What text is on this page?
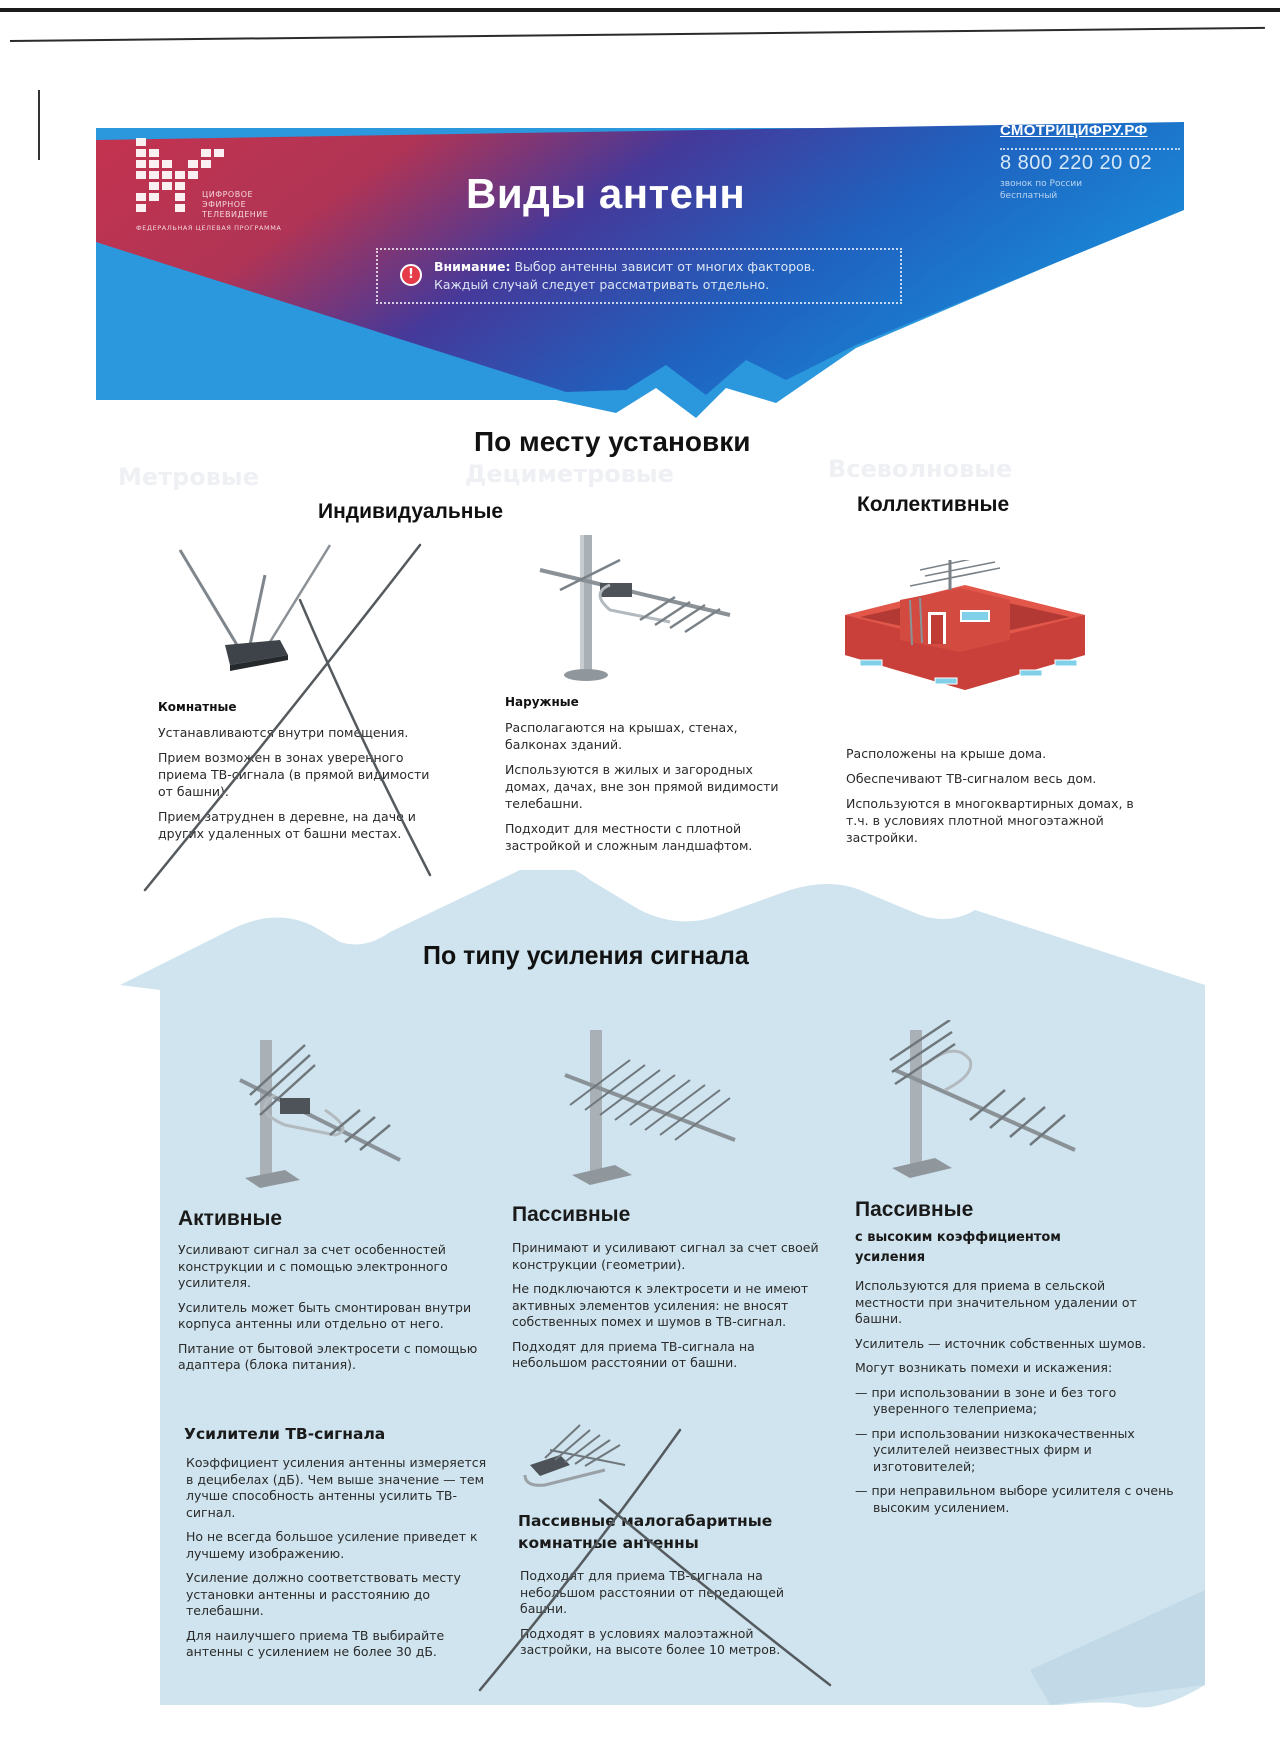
ЦИФРОВОЕ
ЭФИРНОЕ
ТЕЛЕВИДЕНИЕ
ФЕДЕРАЛЬНАЯ ЦЕЛЕВАЯ ПРОГРАММА
Виды антенн
СМОТРИЦИФРУ.РФ
8 800 220 20 02
звонок по России
бесплатный
!
Внимание: Выбор антенны зависит от многих факторов.
Каждый случай следует рассматривать отдельно.
Метровые	Дециметровые	Всеволновые
По месту установки
Индивидуальные	Коллективные
Комнатные

Устанавливаются внутри помещения.

Прием возможен в зонах уверенного приема ТВ-сигнала (в прямой видимости от башни).

Прием затруднен в деревне, на даче и других удаленных от башни местах.

Наружные

Располагаются на крышах, стенах, балконах зданий.

Используются в жилых и загородных домах, дачах, вне зон прямой видимости телебашни.

Подходит для местности с плотной застройкой и сложным ландшафтом.

Расположены на крыше дома.

Обеспечивают ТВ-сигналом весь дом.

Используются в многоквартирных домах, в т.ч. в условиях плотной многоэтажной застройки.

По типу усиления сигнала
Активные

Усиливают сигнал за счет особенностей конструкции и с помощью электронного усилителя.

Усилитель может быть смонтирован внутри корпуса антенны или отдельно от него.

Питание от бытовой электросети с помощью адаптера (блока питания).

Пассивные

Принимают и усиливают сигнал за счет своей конструкции (геометрии).

Не подключаются к электросети и не имеют активных элементов усиления: не вносят собственных помех и шумов в ТВ-сигнал.

Подходят для приема ТВ-сигнала на небольшом расстоянии от башни.

Пассивные
с высоким коэффициентом усиления

Используются для приема в сельской местности при значительном удалении от башни.

Усилитель — источник собственных шумов.

Могут возникать помехи и искажения:

— при использовании в зоне и без того уверенного телеприема;

— при использовании низкокачественных усилителей неизвестных фирм и изготовителей;

— при неправильном выборе усилителя с очень высоким усилением.

Усилители ТВ-сигнала

Коэффициент усиления антенны измеряется в децибелах (дБ). Чем выше значение — тем лучше способность антенны усилить ТВ-сигнал.

Но не всегда большое усиление приведет к лучшему изображению.

Усиление должно соответствовать месту установки антенны и расстоянию до телебашни.

Для наилучшего приема ТВ выбирайте антенны с усилением не более 30 дБ.

Пассивные малогабаритные комнатные антенны

Подходят для приема ТВ-сигнала на небольшом расстоянии от передающей башни.

Подходят в условиях малоэтажной застройки, на высоте более 10 метров.
